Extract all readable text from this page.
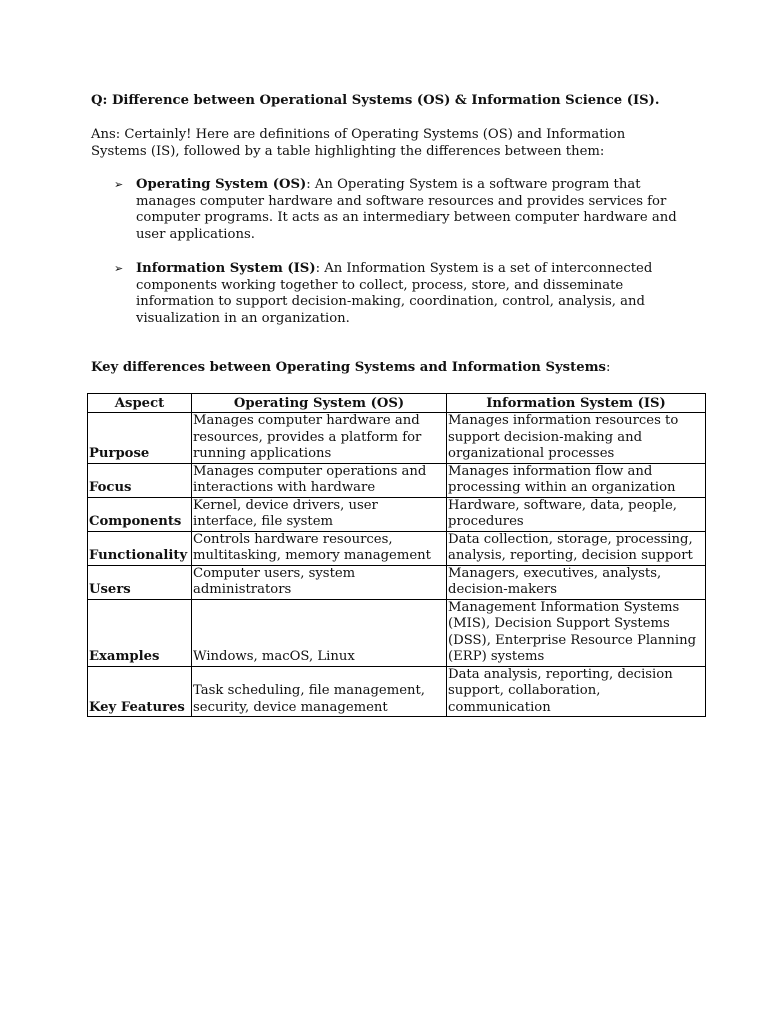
Q: Difference between Operational Systems (OS) & Information Science (IS).
Ans: Certainly! Here are definitions of Operating Systems (OS) and Information Systems (IS), followed by a table highlighting the differences between them:
➢ Operating System (OS): An Operating System is a software program that manages computer hardware and software resources and provides services for computer programs. It acts as an intermediary between computer hardware and user applications.
➢ Information System (IS): An Information System is a set of interconnected components working together to collect, process, store, and disseminate information to support decision-making, coordination, control, analysis, and visualization in an organization.
Key differences between Operating Systems and Information Systems:
Aspect	Operating System (OS)	Information System (IS)
Purpose	Manages computer hardware and resources, provides a platform for running applications	Manages information resources to support decision-making and organizational processes
Focus	Manages computer operations and interactions with hardware	Manages information flow and processing within an organization
Components	Kernel, device drivers, user interface, file system	Hardware, software, data, people, procedures
Functionality	Controls hardware resources, multitasking, memory management	Data collection, storage, processing, analysis, reporting, decision support
Users	Computer users, system administrators	Managers, executives, analysts, decision-makers
Examples	Windows, macOS, Linux	Management Information Systems (MIS), Decision Support Systems (DSS), Enterprise Resource Planning (ERP) systems
Key Features	Task scheduling, file management, security, device management	Data analysis, reporting, decision support, collaboration, communication
